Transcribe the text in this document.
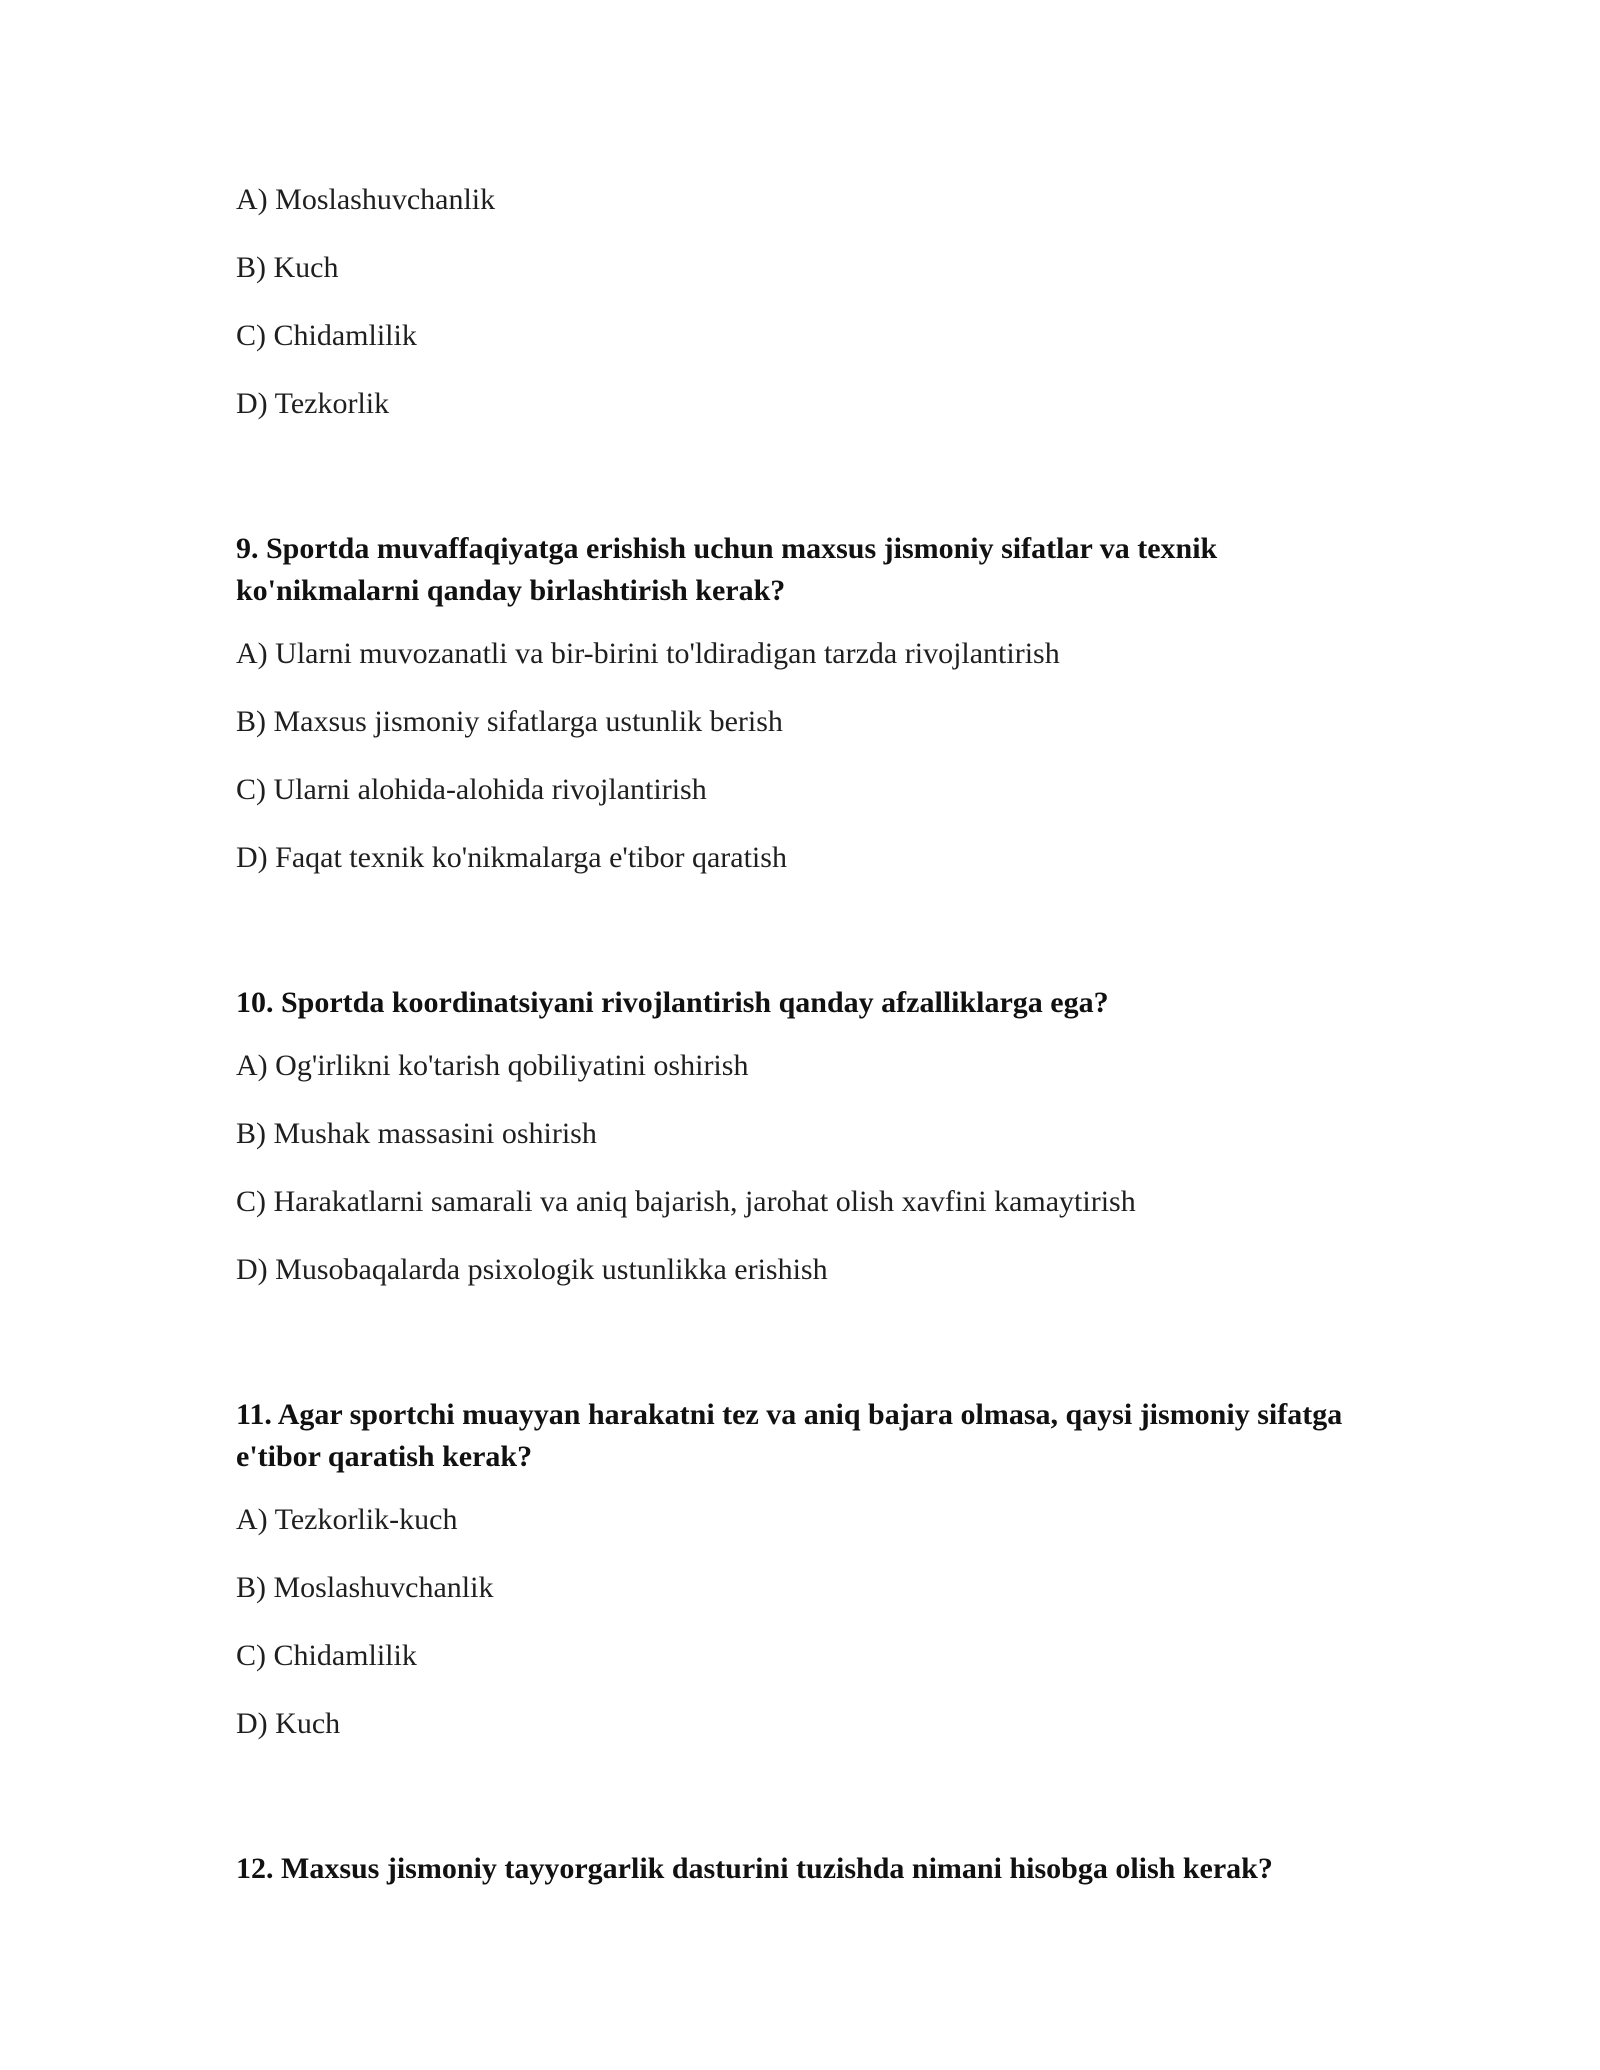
A) Moslashuvchanlik
B) Kuch
C) Chidamlilik
D) Tezkorlik
9. Sportda muvaffaqiyatga erishish uchun maxsus jismoniy sifatlar va texnik ko'nikmalarni qanday birlashtirish kerak?
A) Ularni muvozanatli va bir-birini to'ldiradigan tarzda rivojlantirish
B) Maxsus jismoniy sifatlarga ustunlik berish
C) Ularni alohida-alohida rivojlantirish
D) Faqat texnik ko'nikmalarga e'tibor qaratish
10. Sportda koordinatsiyani rivojlantirish qanday afzalliklarga ega?
A) Og'irlikni ko'tarish qobiliyatini oshirish
B) Mushak massasini oshirish
C) Harakatlarni samarali va aniq bajarish, jarohat olish xavfini kamaytirish
D) Musobaqalarda psixologik ustunlikka erishish
11. Agar sportchi muayyan harakatni tez va aniq bajara olmasa, qaysi jismoniy sifatga e'tibor qaratish kerak?
A) Tezkorlik-kuch
B) Moslashuvchanlik
C) Chidamlilik
D) Kuch
12. Maxsus jismoniy tayyorgarlik dasturini tuzishda nimani hisobga olish kerak?
